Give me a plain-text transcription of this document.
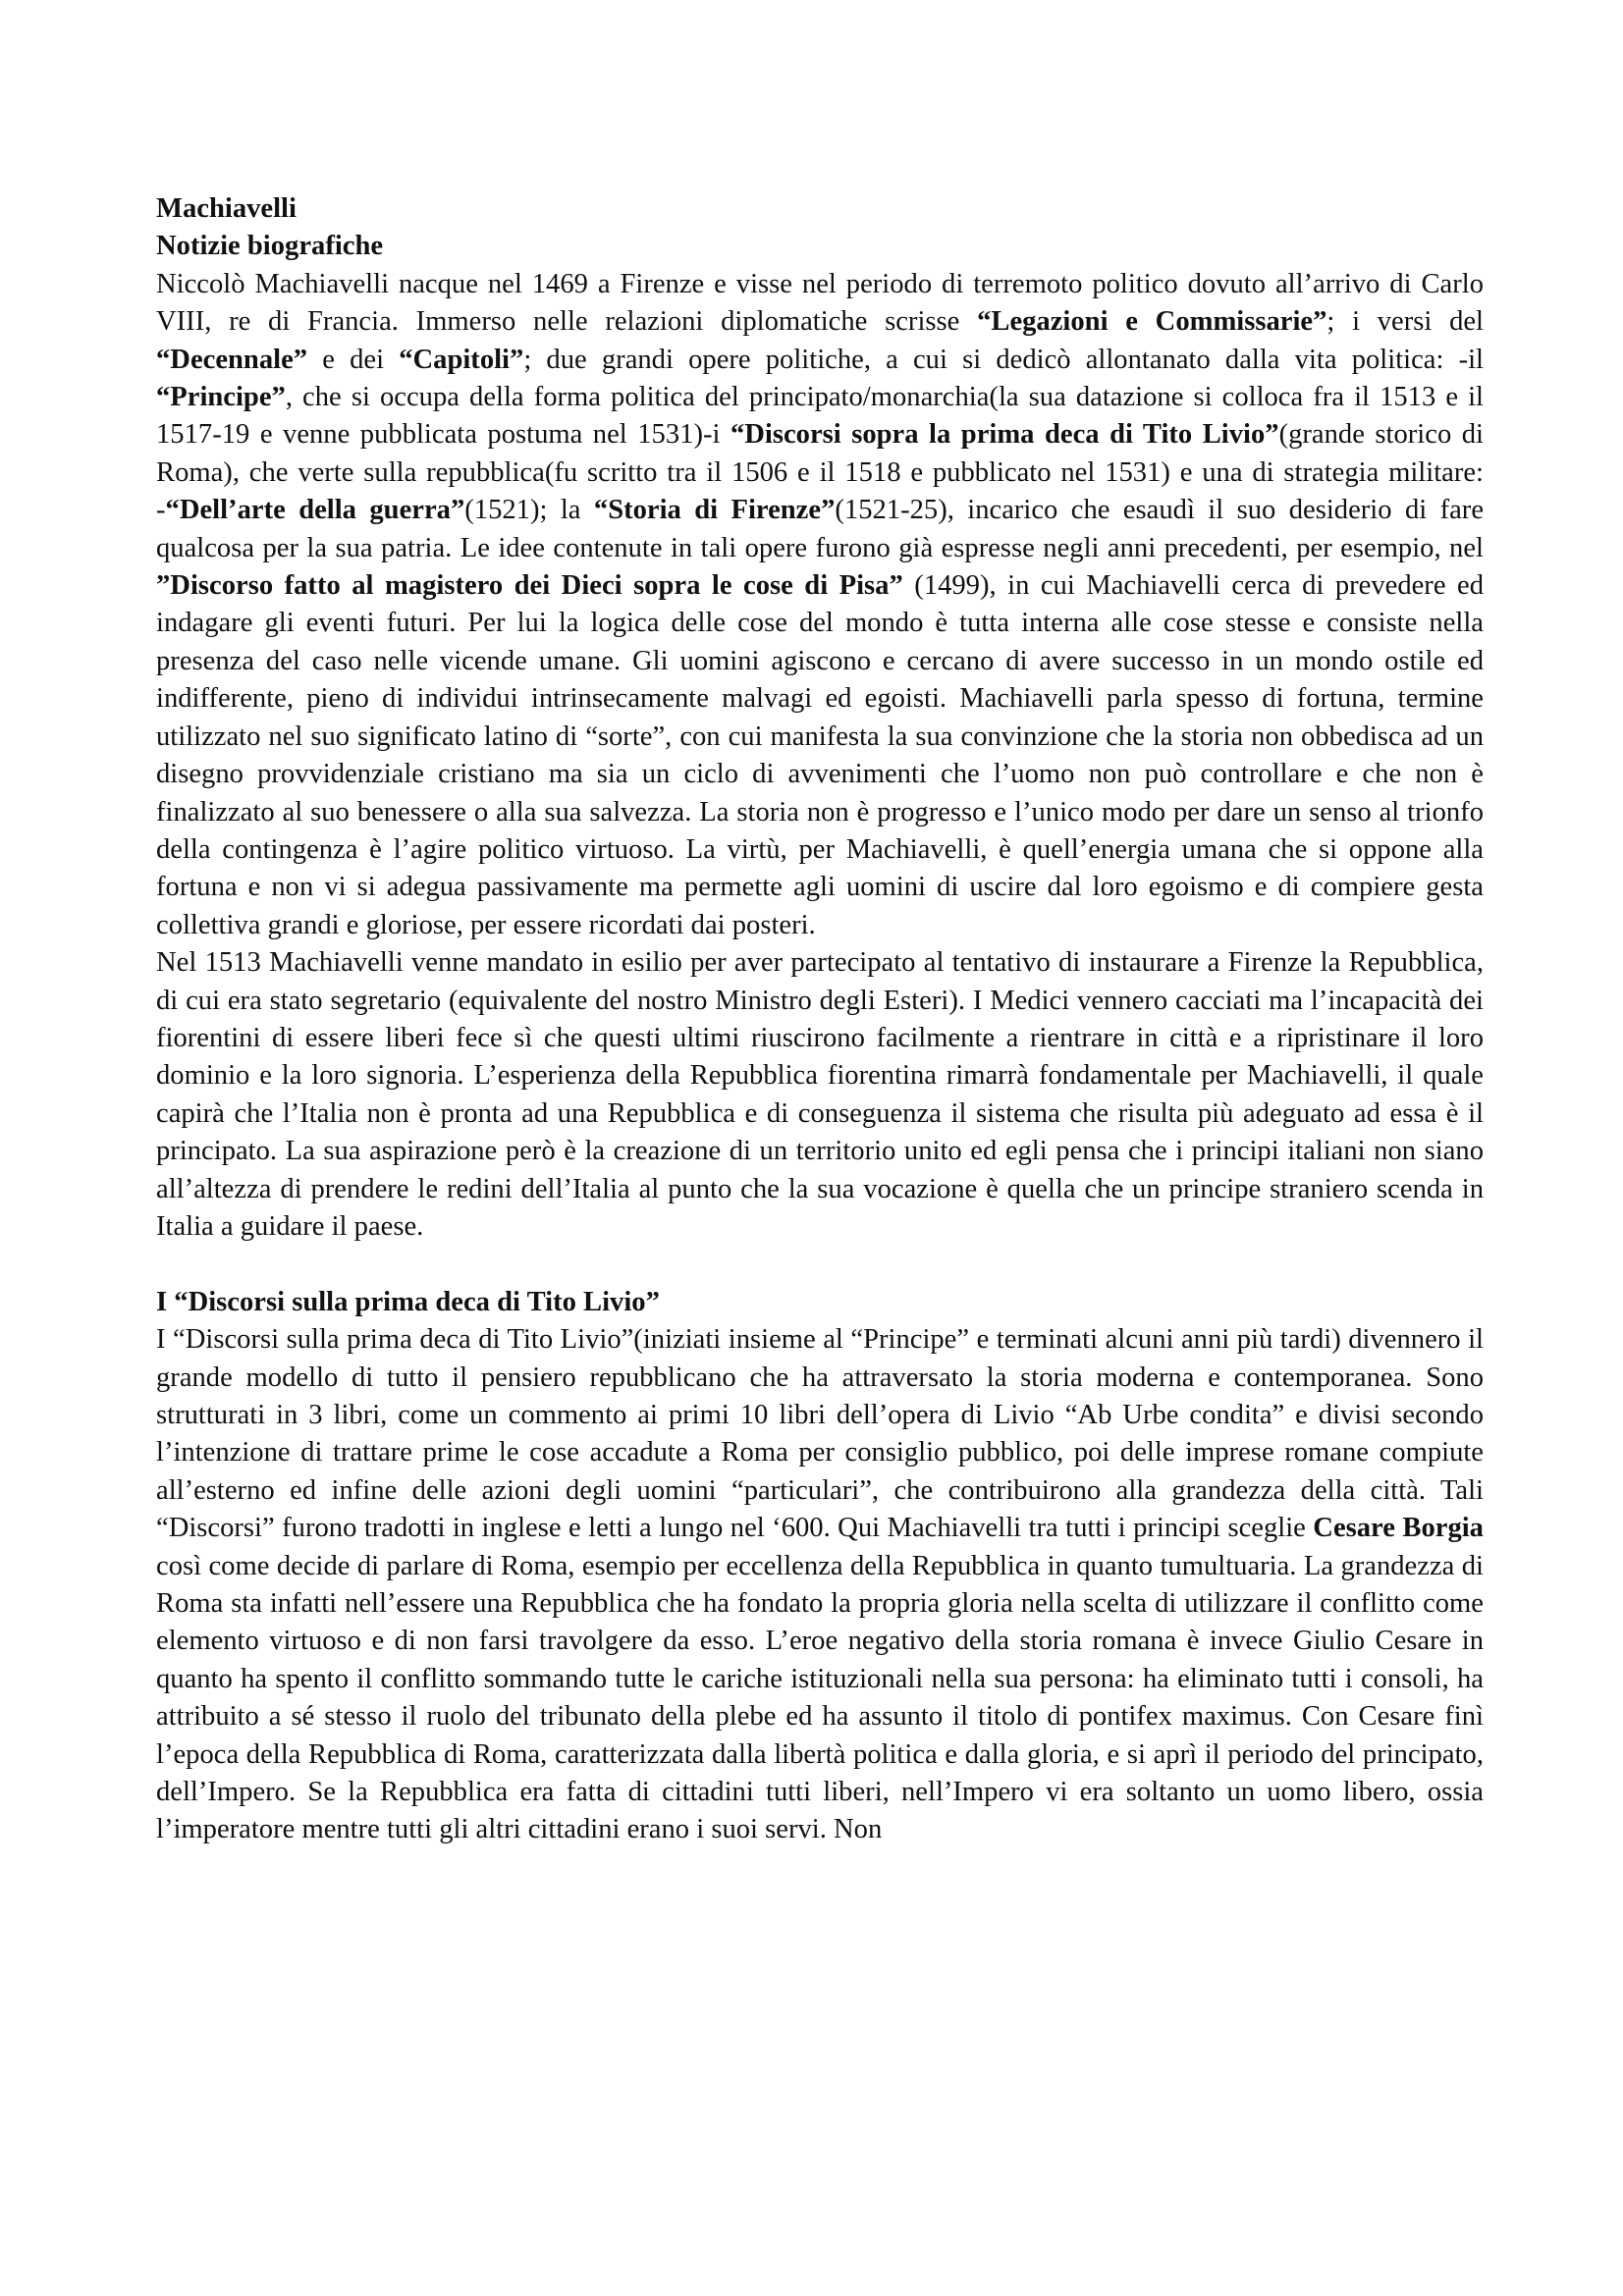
Machiavelli
Notizie biografiche

Niccolò Machiavelli nacque nel 1469 a Firenze e visse nel periodo di terremoto politico dovuto all’arrivo di Carlo VIII, re di Francia. Immerso nelle relazioni diplomatiche scrisse “Legazioni e Commissarie”; i versi del “Decennale” e dei “Capitoli”; due grandi opere politiche, a cui si dedicò allontanato dalla vita politica: -il “Principe”, che si occupa della forma politica del principato/monarchia(la sua datazione si colloca fra il 1513 e il 1517-19 e venne pubblicata postuma nel 1531)-i “Discorsi sopra la prima deca di Tito Livio”(grande storico di Roma), che verte sulla repubblica(fu scritto tra il 1506 e il 1518 e pubblicato nel 1531) e una di strategia militare: -“Dell’arte della guerra”(1521); la “Storia di Firenze”(1521-25), incarico che esaudì il suo desiderio di fare qualcosa per la sua patria. Le idee contenute in tali opere furono già espresse negli anni precedenti, per esempio, nel ”Discorso fatto al magistero dei Dieci sopra le cose di Pisa” (1499), in cui Machiavelli cerca di prevedere ed indagare gli eventi futuri. Per lui la logica delle cose del mondo è tutta interna alle cose stesse e consiste nella presenza del caso nelle vicende umane. Gli uomini agiscono e cercano di avere successo in un mondo ostile ed indifferente, pieno di individui intrinsecamente malvagi ed egoisti. Machiavelli parla spesso di fortuna, termine utilizzato nel suo significato latino di “sorte”, con cui manifesta la sua convinzione che la storia non obbedisca ad un disegno provvidenziale cristiano ma sia un ciclo di avvenimenti che l’uomo non può controllare e che non è finalizzato al suo benessere o alla sua salvezza. La storia non è progresso e l’unico modo per dare un senso al trionfo della contingenza è l’agire politico virtuoso. La virtù, per Machiavelli, è quell’energia umana che si oppone alla fortuna e non vi si adegua passivamente ma permette agli uomini di uscire dal loro egoismo e di compiere gesta collettiva grandi e gloriose, per essere ricordati dai posteri.

Nel 1513 Machiavelli venne mandato in esilio per aver partecipato al tentativo di instaurare a Firenze la Repubblica, di cui era stato segretario (equivalente del nostro Ministro degli Esteri). I Medici vennero cacciati ma l’incapacità dei fiorentini di essere liberi fece sì che questi ultimi riuscirono facilmente a rientrare in città e a ripristinare il loro dominio e la loro signoria. L’esperienza della Repubblica fiorentina rimarrà fondamentale per Machiavelli, il quale capirà che l’Italia non è pronta ad una Repubblica e di conseguenza il sistema che risulta più adeguato ad essa è il principato. La sua aspirazione però è la creazione di un territorio unito ed egli pensa che i principi italiani non siano all’altezza di prendere le redini dell’Italia al punto che la sua vocazione è quella che un principe straniero scenda in Italia a guidare il paese.

I “Discorsi sulla prima deca di Tito Livio”

I “Discorsi sulla prima deca di Tito Livio”(iniziati insieme al “Principe” e terminati alcuni anni più tardi) divennero il grande modello di tutto il pensiero repubblicano che ha attraversato la storia moderna e contemporanea. Sono strutturati in 3 libri, come un commento ai primi 10 libri dell’opera di Livio “Ab Urbe condita” e divisi secondo l’intenzione di trattare prime le cose accadute a Roma per consiglio pubblico, poi delle imprese romane compiute all’esterno ed infine delle azioni degli uomini “particulari”, che contribuirono alla grandezza della città. Tali “Discorsi” furono tradotti in inglese e letti a lungo nel ‘600. Qui Machiavelli tra tutti i principi sceglie Cesare Borgia così come decide di parlare di Roma, esempio per eccellenza della Repubblica in quanto tumultuaria. La grandezza di Roma sta infatti nell’essere una Repubblica che ha fondato la propria gloria nella scelta di utilizzare il conflitto come elemento virtuoso e di non farsi travolgere da esso. L’eroe negativo della storia romana è invece Giulio Cesare in quanto ha spento il conflitto sommando tutte le cariche istituzionali nella sua persona: ha eliminato tutti i consoli, ha attribuito a sé stesso il ruolo del tribunato della plebe ed ha assunto il titolo di pontifex maximus. Con Cesare finì l’epoca della Repubblica di Roma, caratterizzata dalla libertà politica e dalla gloria, e si aprì il periodo del principato, dell’Impero. Se la Repubblica era fatta di cittadini tutti liberi, nell’Impero vi era soltanto un uomo libero, ossia l’imperatore mentre tutti gli altri cittadini erano i suoi servi. Non
